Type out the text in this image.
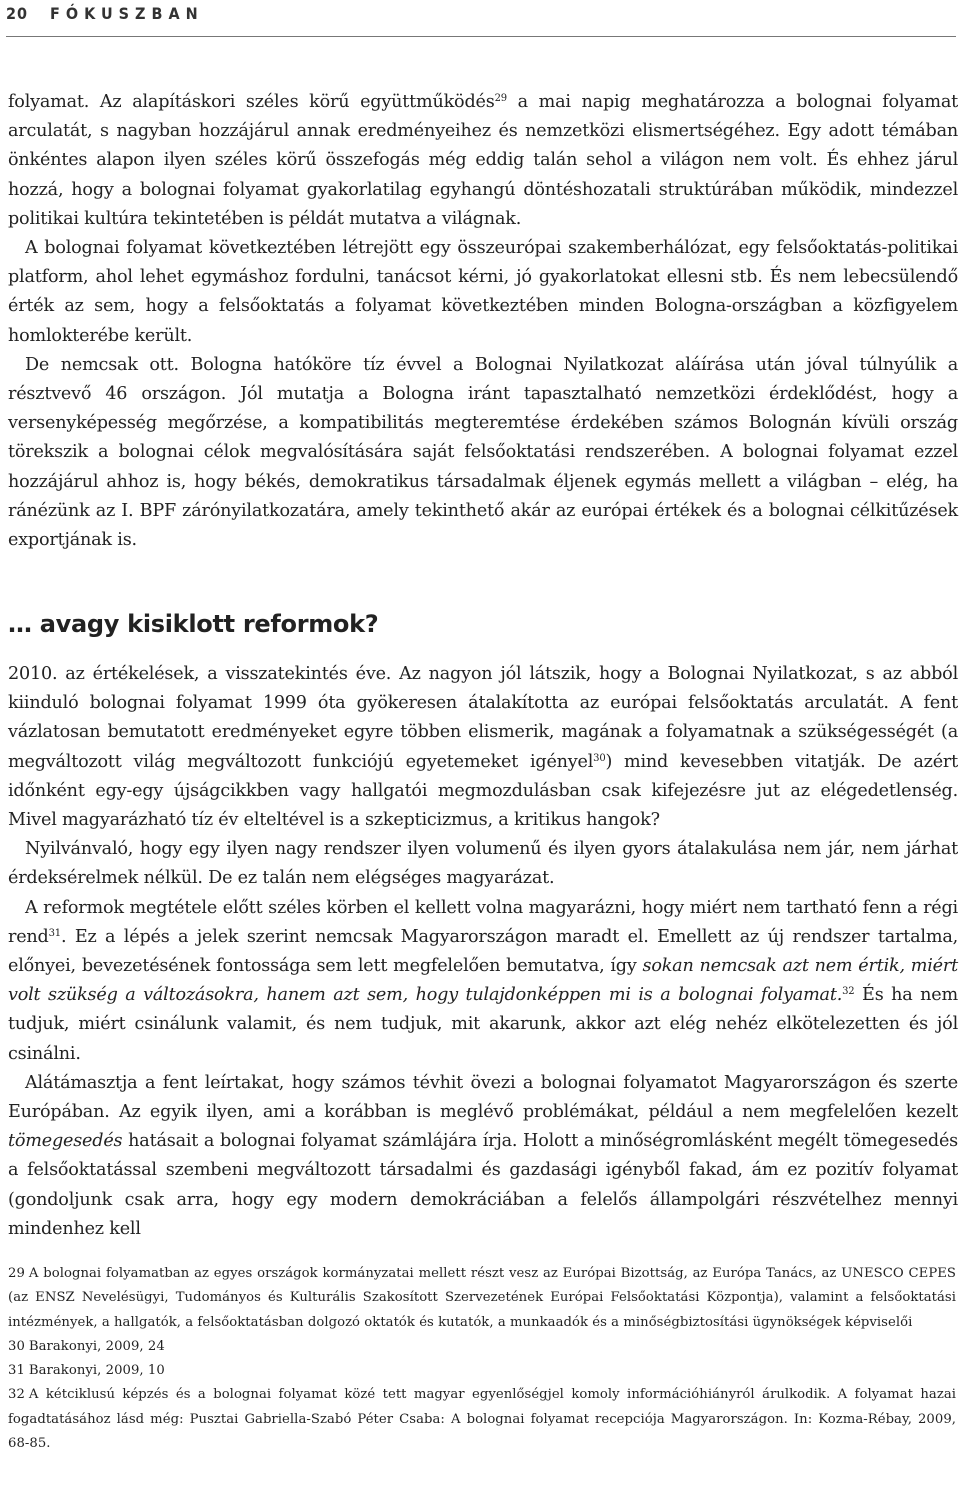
20 FÓKUSZBAN

folyamat. Az alapításkori széles körű együttműködés$^{29}$ a mai napig meghatározza a bolognai folyamat arculatát, s nagyban hozzájárul annak eredményeihez és nemzetközi elismertségéhez. Egy adott témában önkéntes alapon ilyen széles körű összefogás még eddig talán sehol a világon nem volt. És ehhez járul hozzá, hogy a bolognai folyamat gyakorlatilag egyhangú döntéshozatali struktúrában működik, mindezzel politikai kultúra tekintetében is példát mutatva a világnak.

A bolognai folyamat következtében létrejött egy összeurópai szakemberhálózat, egy felsőoktatás-politikai platform, ahol lehet egymáshoz fordulni, tanácsot kérni, jó gyakorlatokat ellesni stb. És nem lebecsülendő érték az sem, hogy a felsőoktatás a folyamat következtében minden Bologna-országban a közfigyelem homlokterébe került.

De nemcsak ott. Bologna hatóköre tíz évvel a Bolognai Nyilatkozat aláírása után jóval túlnyúlik a résztvevő 46 országon. Jól mutatja a Bologna iránt tapasztalható nemzetközi érdeklődést, hogy a versenyképesség megőrzése, a kompatibilitás megteremtése érdekében számos Bolognán kívüli ország törekszik a bolognai célok megvalósítására saját felsőoktatási rendszerében. A bolognai folyamat ezzel hozzájárul ahhoz is, hogy békés, demokratikus társadalmak éljenek egymás mellett a világban – elég, ha ránézünk az I. BPF zárónyilatkozatára, amely tekinthető akár az európai értékek és a bolognai célkitűzések exportjának is.

… avagy kisiklott reformok?

2010. az értékelések, a visszatekintés éve. Az nagyon jól látszik, hogy a Bolognai Nyilatkozat, s az abból kiinduló bolognai folyamat 1999 óta gyökeresen átalakította az európai felsőoktatás arculatát. A fent vázlatosan bemutatott eredményeket egyre többen elismerik, magának a folyamatnak a szükségességét (a megváltozott világ megváltozott funkciójú egyetemeket igényel$^{30}$) mind kevesebben vitatják. De azért időnként egy-egy újságcikkben vagy hallgatói megmozdulásban csak kifejezésre jut az elégedetlenség. Mivel magyarázható tíz év elteltével is a szkepticizmus, a kritikus hangok?

Nyilvánvaló, hogy egy ilyen nagy rendszer ilyen volumenű és ilyen gyors átalakulása nem jár, nem járhat érdeksérelmek nélkül. De ez talán nem elégséges magyarázat.

A reformok megtétele előtt széles körben el kellett volna magyarázni, hogy miért nem tartható fenn a régi rend$^{31}$. Ez a lépés a jelek szerint nemcsak Magyarországon maradt el. Emellett az új rendszer tartalma, előnyei, bevezetésének fontossága sem lett megfelelően bemutatva, így sokan nemcsak azt nem értik, miért volt szükség a változásokra, hanem azt sem, hogy tulajdonképpen mi is a bolognai folyamat.$^{32}$ És ha nem tudjuk, miért csinálunk valamit, és nem tudjuk, mit akarunk, akkor azt elég nehéz elkötelezetten és jól csinálni.

Alátámasztja a fent leírtakat, hogy számos tévhit övezi a bolognai folyamatot Magyarországon és szerte Európában. Az egyik ilyen, ami a korábban is meglévő problémákat, például a nem megfelelően kezelt tömegesedés hatásait a bolognai folyamat számlájára írja. Holott a minőségromlásként megélt tömegesedés a felsőoktatással szembeni megváltozott társadalmi és gazdasági igényből fakad, ám ez pozitív folyamat (gondoljunk csak arra, hogy egy modern demokráciában a felelős állampolgári részvételhez mennyi mindenhez kell

29 A bolognai folyamatban az egyes országok kormányzatai mellett részt vesz az Európai Bizottság, az Európa Tanács, az UNESCO CEPES (az ENSZ Nevelésügyi, Tudományos és Kulturális Szakosított Szervezetének Európai Felsőoktatási Központja), valamint a felsőoktatási intézmények, a hallgatók, a felsőoktatásban dolgozó oktatók és kutatók, a munkaadók és a minőségbiztosítási ügynökségek képviselői

30 Barakonyi, 2009, 24

31 Barakonyi, 2009, 10

32 A kétciklusú képzés és a bolognai folyamat közé tett magyar egyenlőségjel komoly információhiányról árulkodik. A folyamat hazai fogadtatásához lásd még: Pusztai Gabriella-Szabó Péter Csaba: A bolognai folyamat recepciója Magyarországon. In: Kozma-Rébay, 2009, 68-85.
